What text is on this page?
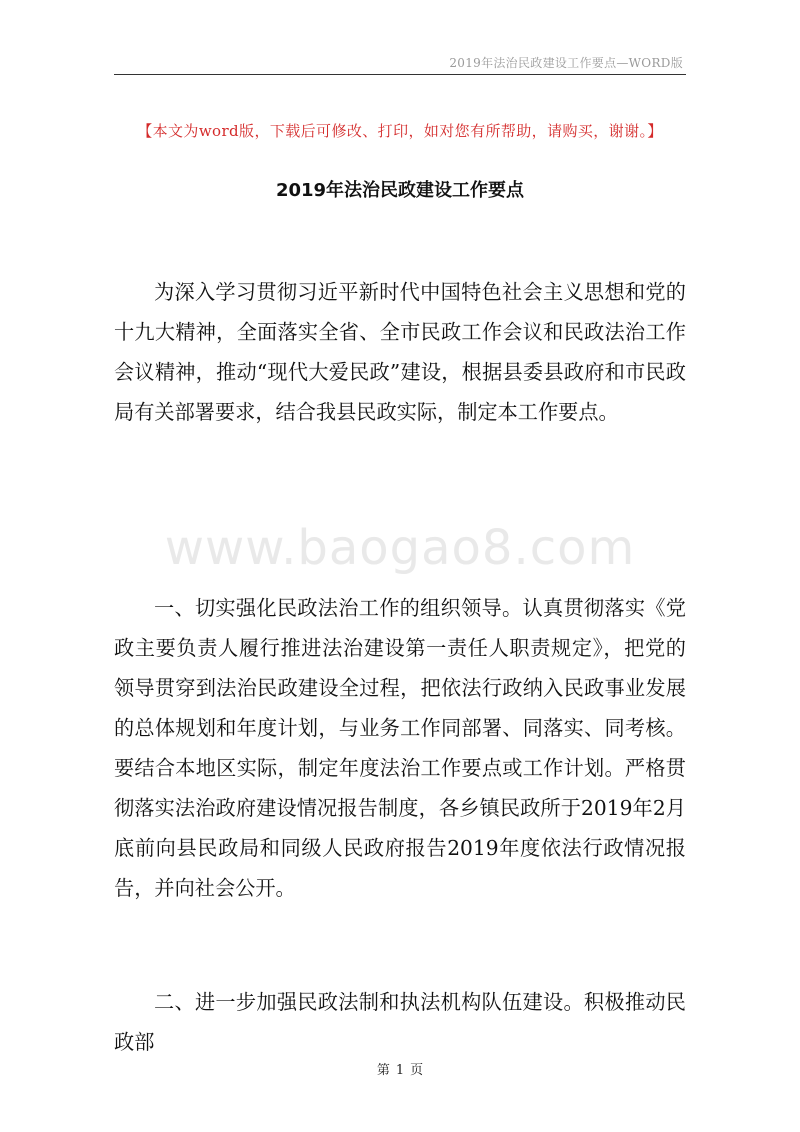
2019年法治民政建设工作要点—WORD版
【本文为word版，下载后可修改、打印，如对您有所帮助，请购买，谢谢。】
2019年法治民政建设工作要点

为深入学习贯彻习近平新时代中国特色社会主义思想和党的十九大精神，全面落实全省、全市民政工作会议和民政法治工作会议精神，推动“现代大爱民政”建设，根据县委县政府和市民政局有关部署要求，结合我县民政实际，制定本工作要点。

www.baogao8.com

一、切实强化民政法治工作的组织领导。认真贯彻落实《党政主要负责人履行推进法治建设第一责任人职责规定》，把党的领导贯穿到法治民政建设全过程，把依法行政纳入民政事业发展的总体规划和年度计划，与业务工作同部署、同落实、同考核。要结合本地区实际，制定年度法治工作要点或工作计划。严格贯彻落实法治政府建设情况报告制度，各乡镇民政所于2019年2月底前向县民政局和同级人民政府报告2019年度依法行政情况报告，并向社会公开。

二、进一步加强民政法制和执法机构队伍建设。积极推动民政部

第 1 页
